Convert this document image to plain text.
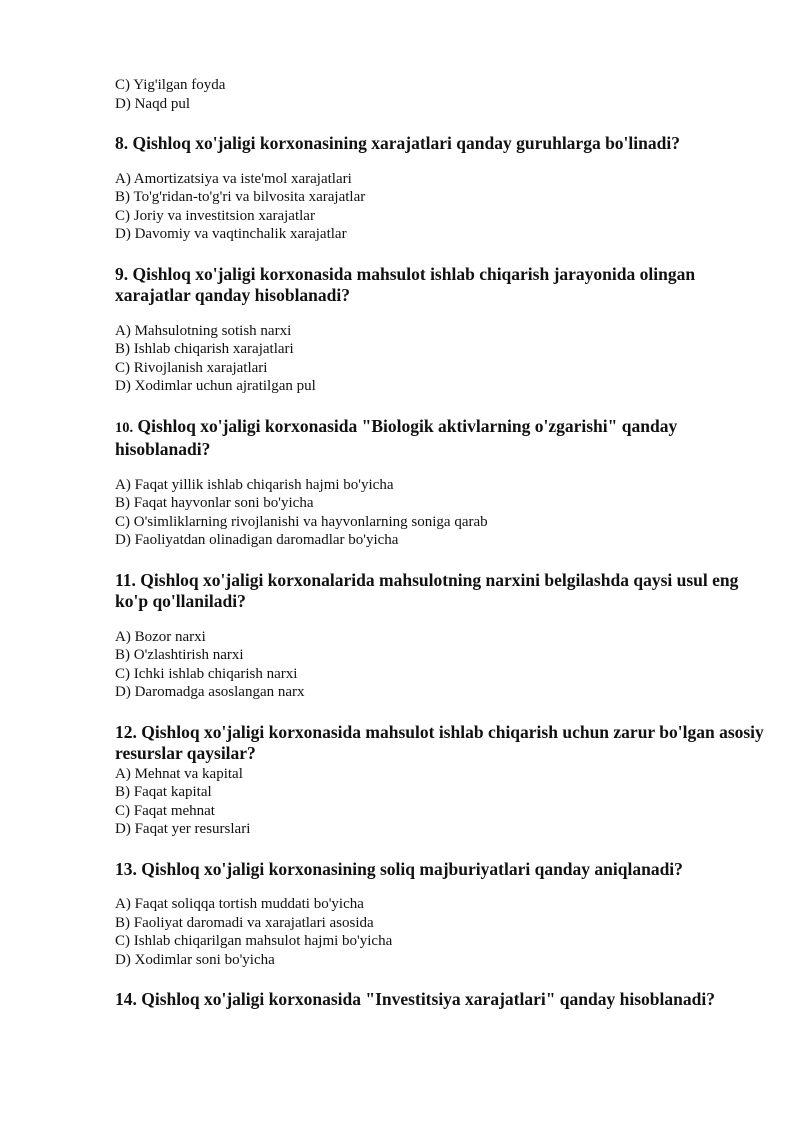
C) Yig'ilgan foyda

D) Naqd pul

8. Qishloq xo'jaligi korxonasining xarajatlari qanday guruhlarga bo'linadi?

A) Amortizatsiya va iste'mol xarajatlari

B) To'g'ridan-to'g'ri va bilvosita xarajatlar

C) Joriy va investitsion xarajatlar

D) Davomiy va vaqtinchalik xarajatlar

9. Qishloq xo'jaligi korxonasida mahsulot ishlab chiqarish jarayonida olingan xarajatlar qanday hisoblanadi?

A) Mahsulotning sotish narxi

B) Ishlab chiqarish xarajatlari

C) Rivojlanish xarajatlari

D) Xodimlar uchun ajratilgan pul

10. Qishloq xo'jaligi korxonasida "Biologik aktivlarning o'zgarishi" qanday hisoblanadi?

A) Faqat yillik ishlab chiqarish hajmi bo'yicha

B) Faqat hayvonlar soni bo'yicha

C) O'simliklarning rivojlanishi va hayvonlarning soniga qarab

D) Faoliyatdan olinadigan daromadlar bo'yicha

11. Qishloq xo'jaligi korxonalarida mahsulotning narxini belgilashda qaysi usul eng ko'p qo'llaniladi?

A) Bozor narxi

B) O'zlashtirish narxi

C) Ichki ishlab chiqarish narxi

D) Daromadga asoslangan narx

12. Qishloq xo'jaligi korxonasida mahsulot ishlab chiqarish uchun zarur bo'lgan asosiy resurslar qaysilar?

A) Mehnat va kapital

B) Faqat kapital

C) Faqat mehnat

D) Faqat yer resurslari

13. Qishloq xo'jaligi korxonasining soliq majburiyatlari qanday aniqlanadi?

A) Faqat soliqqa tortish muddati bo'yicha

B) Faoliyat daromadi va xarajatlari asosida

C) Ishlab chiqarilgan mahsulot hajmi bo'yicha

D) Xodimlar soni bo'yicha

14. Qishloq xo'jaligi korxonasida "Investitsiya xarajatlari" qanday hisoblanadi?
